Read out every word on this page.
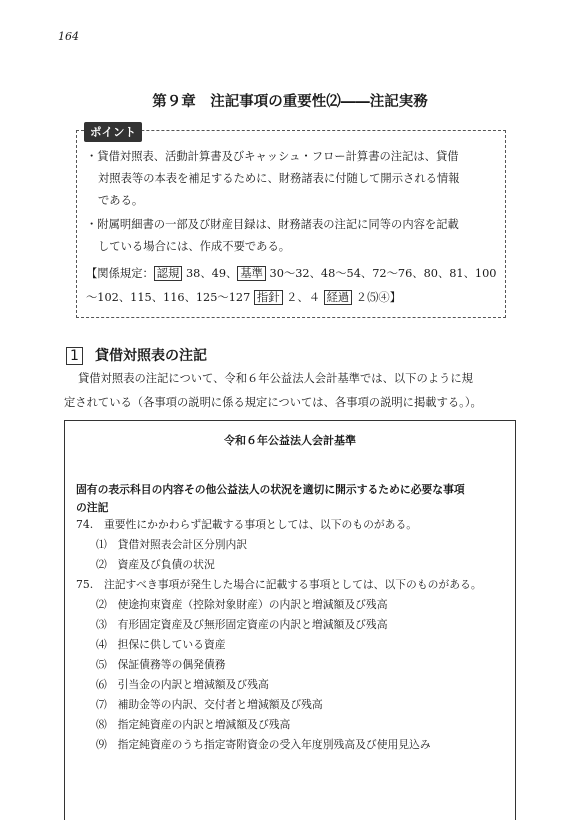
164
第９章　注記事項の重要性⑵――注記実務
ポイント
・貸借対照表、活動計算書及びキャッシュ・フロー計算書の注記は、貸借
対照表等の本表を補足するために、財務諸表に付随して開示される情報
である。
・附属明細書の一部及び財産目録は、財務諸表の注記に同等の内容を記載
している場合には、作成不要である。
【関係規定： 認規 38、49、 基準 30～32、48～54、72～76、80、81、100
～102、115、116、125～127 指針 ２、４ 経過 ２⑸④】
1 貸借対照表の注記
貸借対照表の注記について、令和６年公益法人会計基準では、以下のように規
定されている（各事項の説明に係る規定については、各事項の説明に掲載する。）。
令和６年公益法人会計基準
固有の表示科目の内容その他公益法人の状況を適切に開示するために必要な事項
の注記
74.　重要性にかかわらず記載する事項としては、以下のものがある。
⑴　貸借対照表会計区分別内訳
⑵　資産及び負債の状況
75.　注記すべき事項が発生した場合に記載する事項としては、以下のものがある。
⑵　使途拘束資産（控除対象財産）の内訳と増減額及び残高
⑶　有形固定資産及び無形固定資産の内訳と増減額及び残高
⑷　担保に供している資産
⑸　保証債務等の偶発債務
⑹　引当金の内訳と増減額及び残高
⑺　補助金等の内訳、交付者と増減額及び残高
⑻　指定純資産の内訳と増減額及び残高
⑼　指定純資産のうち指定寄附資金の受入年度別残高及び使用見込み
